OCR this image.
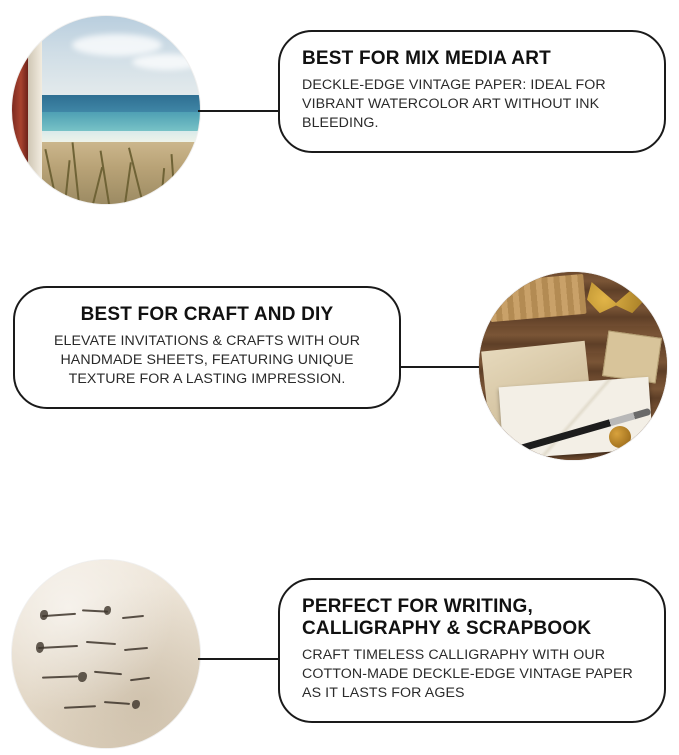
BEST FOR MIX MEDIA ART

DECKLE-EDGE VINTAGE PAPER: IDEAL FOR VIBRANT WATERCOLOR ART WITHOUT INK BLEEDING.

BEST FOR CRAFT AND DIY

ELEVATE INVITATIONS & CRAFTS WITH OUR HANDMADE SHEETS, FEATURING UNIQUE TEXTURE FOR A LASTING IMPRESSION.

PERFECT FOR WRITING, CALLIGRAPHY & SCRAPBOOK

CRAFT TIMELESS CALLIGRAPHY WITH OUR COTTON-MADE DECKLE-EDGE VINTAGE PAPER AS IT LASTS FOR AGES
